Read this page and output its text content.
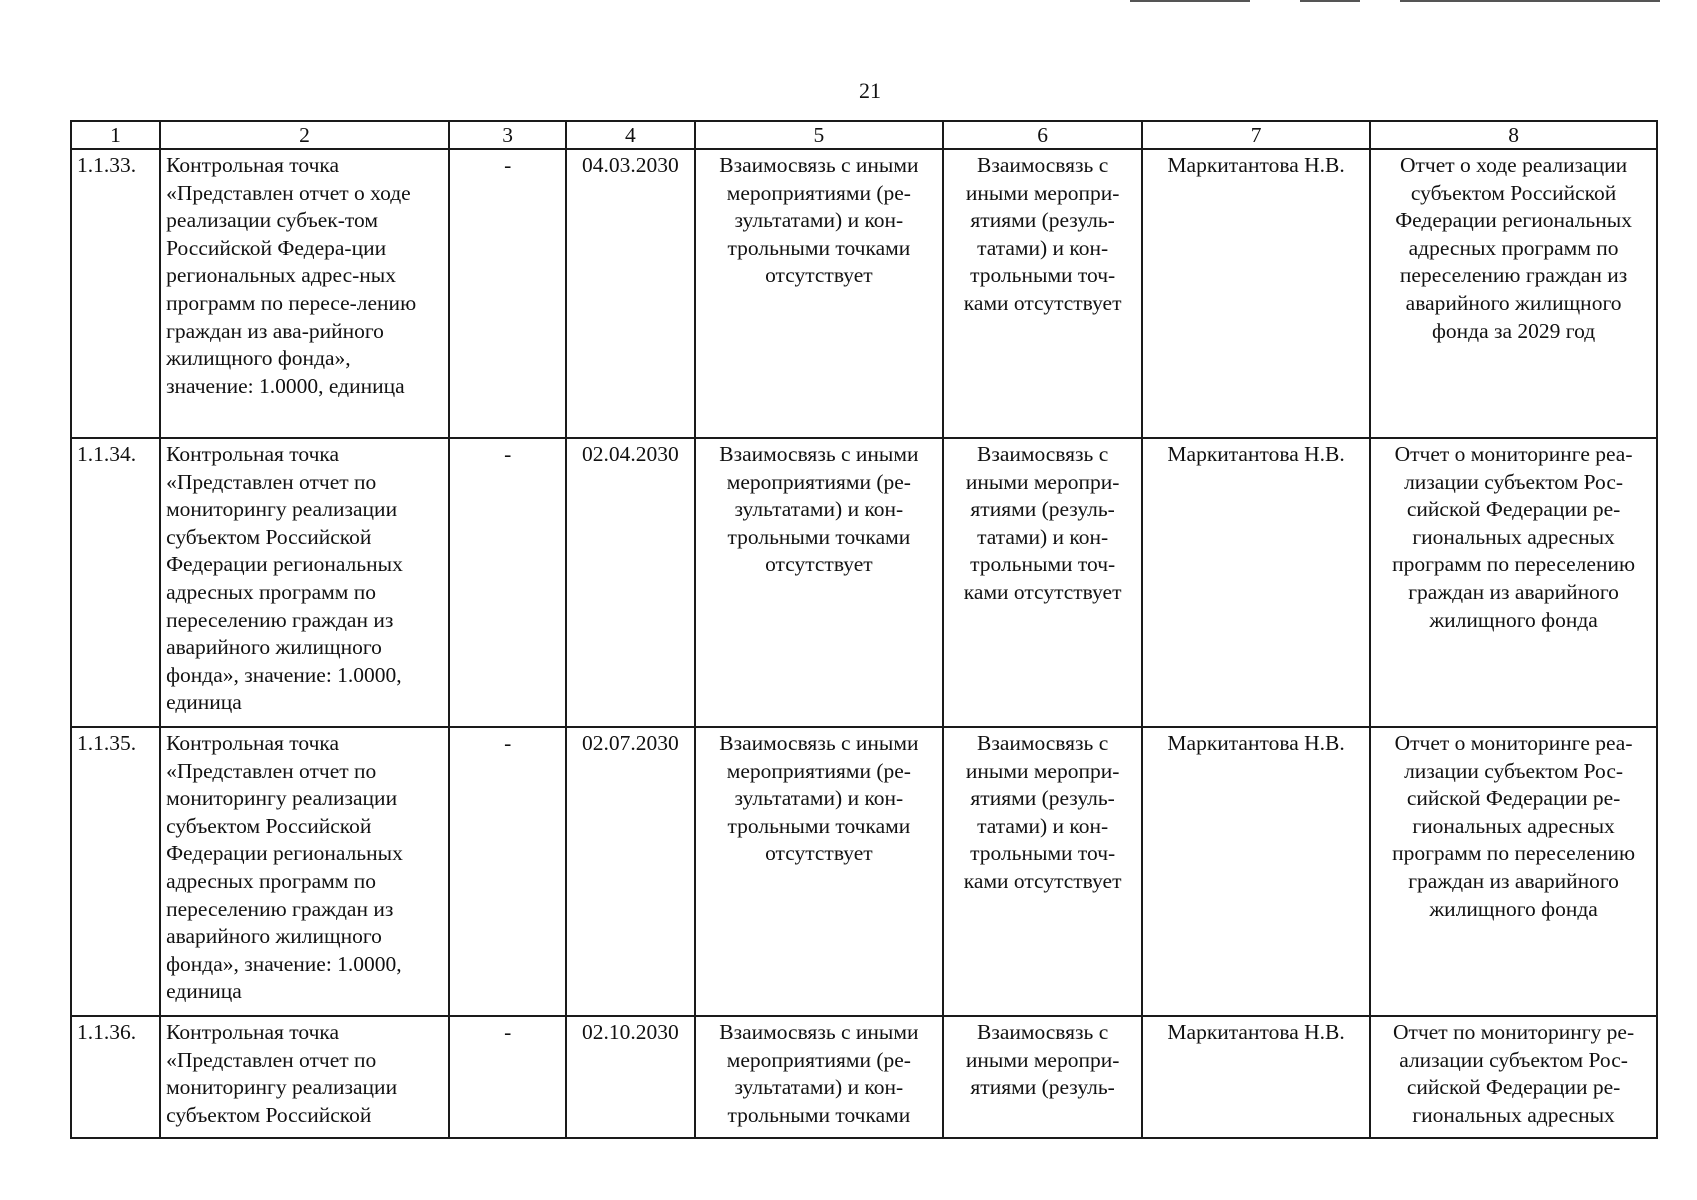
21
1	2	3	4	5	6	7	8
1.1.33.	Контрольная точка «Представлен отчет о ходе реализации субъек-том Российской Федера-ции региональных адрес-ных программ по пересе-лению граждан из ава-рийного жилищного фонда», значение: 1.0000, единица	-	04.03.2030	Взаимосвязь с иными мероприятиями (ре-зультатами) и кон-трольными точками отсутствует	Взаимосвязь с иными меропри-ятиями (резуль-татами) и кон-трольными точ-ками отсутствует	Маркитантова Н.В.	Отчет о ходе реализации субъектом Российской Федерации региональных адресных программ по переселению граждан из аварийного жилищного фонда за 2029 год
1.1.34.	Контрольная точка «Представлен отчет по мониторингу реализации субъектом Российской Федерации региональных адресных программ по переселению граждан из аварийного жилищного фонда», значение: 1.0000, единица	-	02.04.2030	Взаимосвязь с иными мероприятиями (ре-зультатами) и кон-трольными точками отсутствует	Взаимосвязь с иными меропри-ятиями (резуль-татами) и кон-трольными точ-ками отсутствует	Маркитантова Н.В.	Отчет о мониторинге реа-лизации субъектом Рос-сийской Федерации ре-гиональных адресных программ по переселению граждан из аварийного жилищного фонда
1.1.35.	Контрольная точка «Представлен отчет по мониторингу реализации субъектом Российской Федерации региональных адресных программ по переселению граждан из аварийного жилищного фонда», значение: 1.0000, единица	-	02.07.2030	Взаимосвязь с иными мероприятиями (ре-зультатами) и кон-трольными точками отсутствует	Взаимосвязь с иными меропри-ятиями (резуль-татами) и кон-трольными точ-ками отсутствует	Маркитантова Н.В.	Отчет о мониторинге реа-лизации субъектом Рос-сийской Федерации ре-гиональных адресных программ по переселению граждан из аварийного жилищного фонда

1.1.36.	Контрольная точка «Представлен отчет по мониторингу реализации субъектом Российской	-	02.10.2030	Взаимосвязь с иными мероприятиями (ре-зультатами) и кон-трольными точками	Взаимосвязь с иными меропри-ятиями (резуль-	Маркитантова Н.В.	Отчет по мониторингу ре-ализации субъектом Рос-сийской Федерации ре-гиональных адресных
